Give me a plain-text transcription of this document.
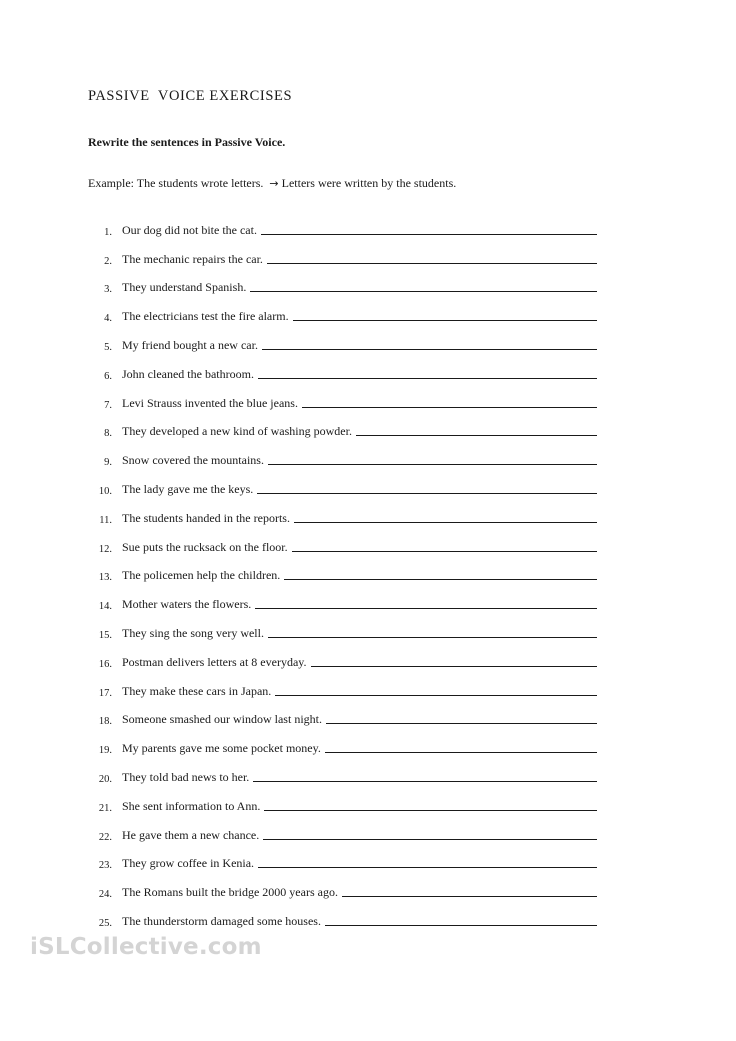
PASSIVE  VOICE EXERCISES
Rewrite the sentences in Passive Voice.
Example: The students wrote letters. → Letters were written by the students.
1. Our dog did not bite the cat.
2. The mechanic repairs the car.
3. They understand Spanish.
4. The electricians test the fire alarm.
5. My friend bought a new car.
6. John cleaned the bathroom.
7. Levi Strauss invented the blue jeans.
8. They developed a new kind of washing powder.
9. Snow covered the mountains.
10. The lady gave me the keys.
11. The students handed in the reports.
12. Sue puts the rucksack on the floor.
13. The policemen help the children.
14. Mother waters the flowers.
15. They sing the song very well.
16. Postman delivers letters at 8 everyday.
17. They make these cars in Japan.
18. Someone smashed our window last night.
19. My parents gave me some pocket money.
20. They told bad news to her.
21. She sent information to Ann.
22. He gave them a new chance.
23. They grow coffee in Kenia.
24. The Romans built the bridge 2000 years ago.
25. The thunderstorm damaged some houses.
iSLCollective.com
